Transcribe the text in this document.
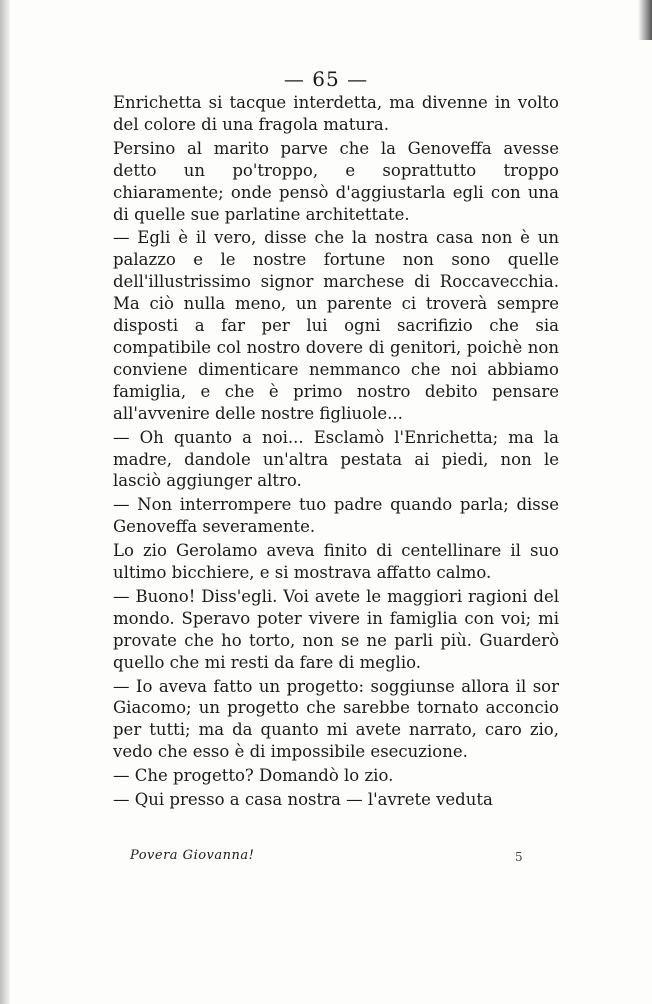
— 65 —

Enrichetta si tacque interdetta, ma divenne in volto del colore di una fragola matura.

Persino al marito parve che la Genoveffa avesse detto un po'troppo, e soprattutto troppo chiaramente; onde pensò d'aggiustarla egli con una di quelle sue parlatine architettate.

— Egli è il vero, disse che la nostra casa non è un palazzo e le nostre fortune non sono quelle dell'illustrissimo signor marchese di Roccavecchia. Ma ciò nulla meno, un parente ci troverà sempre disposti a far per lui ogni sacrifizio che sia compatibile col nostro dovere di genitori, poichè non conviene dimenticare nemmanco che noi abbiamo famiglia, e che è primo nostro debito pensare all'avvenire delle nostre figliuole...

— Oh quanto a noi... Esclamò l'Enrichetta; ma la madre, dandole un'altra pestata ai piedi, non le lasciò aggiunger altro.

— Non interrompere tuo padre quando parla; disse Genoveffa severamente.

Lo zio Gerolamo aveva finito di centellinare il suo ultimo bicchiere, e si mostrava affatto calmo.

— Buono! Diss'egli. Voi avete le maggiori ragioni del mondo. Speravo poter vivere in famiglia con voi; mi provate che ho torto, non se ne parli più. Guarderò quello che mi resti da fare di meglio.

— Io aveva fatto un progetto: soggiunse allora il sor Giacomo; un progetto che sarebbe tornato acconcio per tutti; ma da quanto mi avete narrato, caro zio, vedo che esso è di impossibile esecuzione.

— Che progetto? Domandò lo zio.

— Qui presso a casa nostra — l'avrete veduta

Povera Giovanna!	5
